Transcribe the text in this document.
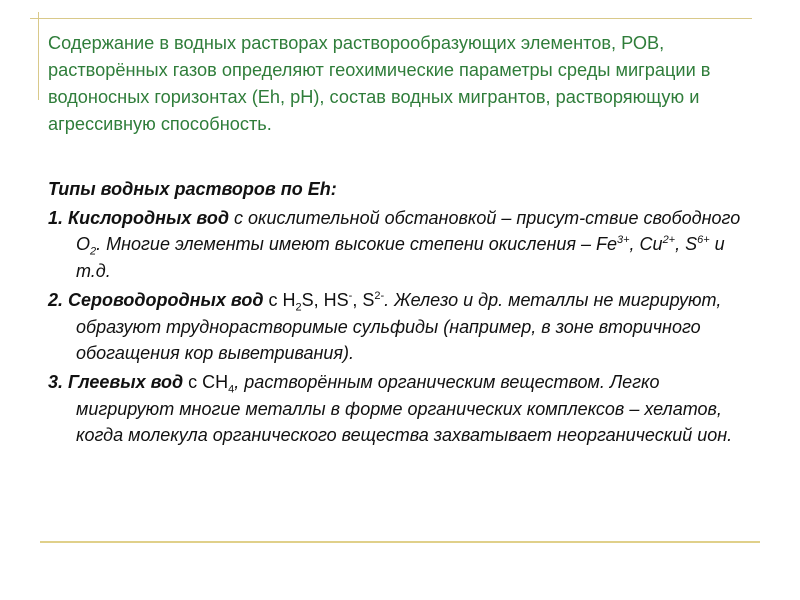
Содержание в водных растворах растворообразующих элементов, РОВ, растворённых газов определяют геохимические параметры среды миграции в водоносных горизонтах (Eh, pH), состав водных мигрантов, растворяющую и агрессивную способность.

Типы водных растворов по Eh:

1. Кислородных вод с окислительной обстановкой – присут-ствие свободного $O_2$. Многие элементы имеют высокие степени окисления – $Fe^{3+}$, $Cu^{2+}$, $S^{6+}$ и т.д.

2. Сероводородных вод с $H_2S$, HS-, $S^{2-}$. Железо и др. металлы не мигрируют, образуют труднорастворимые сульфиды (например, в зоне вторичного обогащения кор выветривания).

3. Глеевых вод с $CH_4$, растворённым органическим веществом. Легко мигрируют многие металлы в форме органических комплексов – хелатов, когда молекула органического вещества захватывает неорганический ион.
